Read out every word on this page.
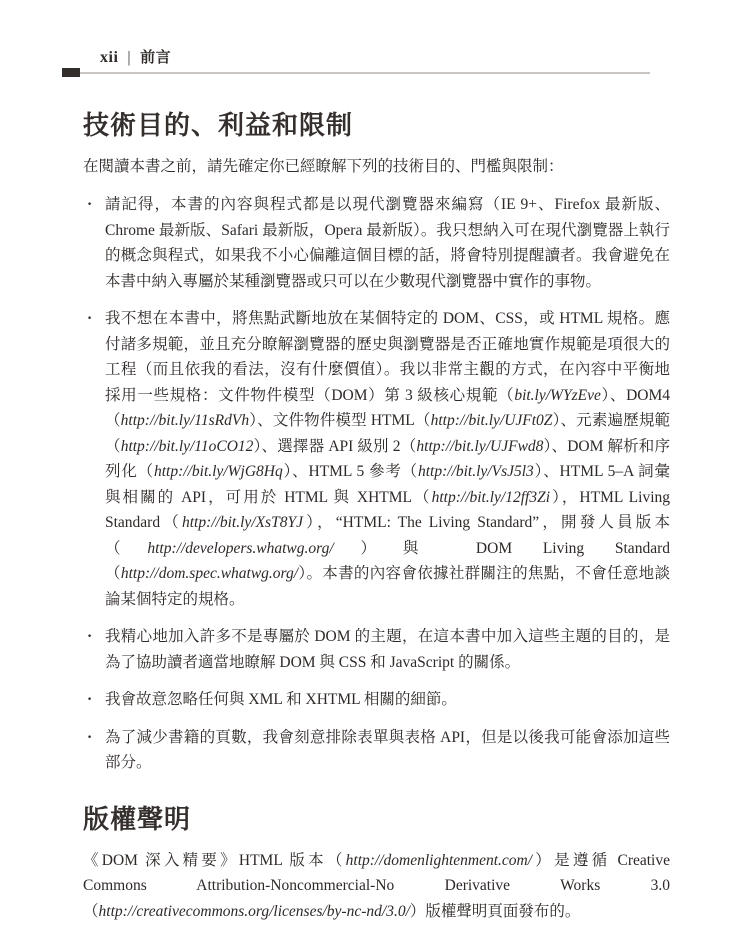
xii | 前言
技術目的、利益和限制

在閱讀本書之前，請先確定你已經瞭解下列的技術目的、門檻與限制：

· 請記得，本書的內容與程式都是以現代瀏覽器來編寫（IE 9+、Firefox 最新版、Chrome 最新版、Safari 最新版，Opera 最新版）。我只想納入可在現代瀏覽器上執行的概念與程式，如果我不小心偏離這個目標的話，將會特別提醒讀者。我會避免在本書中納入專屬於某種瀏覽器或只可以在少數現代瀏覽器中實作的事物。
· 我不想在本書中，將焦點武斷地放在某個特定的 DOM、CSS，或 HTML 規格。應付諸多規範，並且充分瞭解瀏覽器的歷史與瀏覽器是否正確地實作規範是項很大的工程（而且依我的看法，沒有什麼價值）。我以非常主觀的方式，在內容中平衡地採用一些規格：文件物件模型（DOM）第 3 級核心規範（bit.ly/WYzEve）、DOM4（http://bit.ly/11sRdVh）、文件物件模型 HTML（http://bit.ly/UJFt0Z）、元素遍歷規範（http://bit.ly/11oCO12）、選擇器 API 級別 2（http://bit.ly/UJFwd8）、DOM 解析和序列化（http://bit.ly/WjG8Hq）、HTML 5 參考（http://bit.ly/VsJ5l3）、HTML 5–A 詞彙與相關的 API，可用於 HTML 與 XHTML（http://bit.ly/12ff3Zi），HTML Living Standard（http://bit.ly/XsT8YJ），“HTML: The Living Standard”，開發人員版本（http://developers.whatwg.org/）與 DOM Living Standard（http://dom.spec.whatwg.org/）。本書的內容會依據社群關注的焦點，不會任意地談論某個特定的規格。
· 我精心地加入許多不是專屬於 DOM 的主題，在這本書中加入這些主題的目的，是為了協助讀者適當地瞭解 DOM 與 CSS 和 JavaScript 的關係。
· 我會故意忽略任何與 XML 和 XHTML 相關的細節。
· 為了減少書籍的頁數，我會刻意排除表單與表格 API，但是以後我可能會添加這些部分。
版權聲明

《DOM 深入精要》HTML 版本（http://domenlightenment.com/）是遵循 Creative Commons Attribution-Noncommercial-No Derivative Works 3.0 （http://creativecommons.org/licenses/by-nc-nd/3.0/）版權聲明頁面發布的。
